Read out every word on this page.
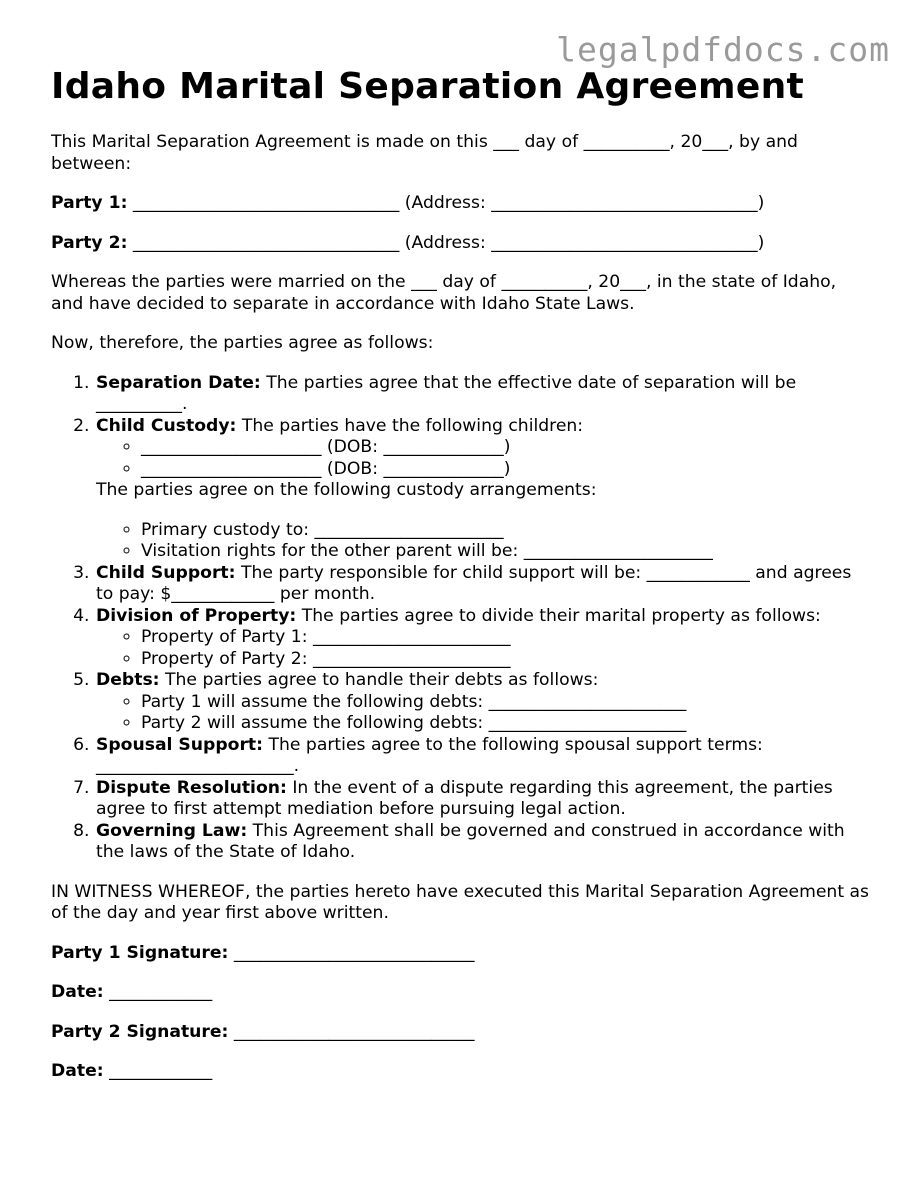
legalpdfdocs.com
Idaho Marital Separation Agreement

This Marital Separation Agreement is made on this ___ day of __________, 20___, by and between:

Party 1: _______________________________ (Address: _______________________________)

Party 2: _______________________________ (Address: _______________________________)

Whereas the parties were married on the ___ day of __________, 20___, in the state of Idaho, and have decided to separate in accordance with Idaho State Laws.

Now, therefore, the parties agree as follows:

1. Separation Date: The parties agree that the effective date of separation will be __________.
2. Child Custody: The parties have the following children:
◦ _____________________ (DOB: ______________)
◦ _____________________ (DOB: ______________)

The parties agree on the following custody arrangements:

◦ Primary custody to: ______________________
◦ Visitation rights for the other parent will be: ______________________
3. Child Support: The party responsible for child support will be: ____________ and agrees to pay: $____________ per month.
4. Division of Property: The parties agree to divide their marital property as follows:
◦ Property of Party 1: _______________________
◦ Property of Party 2: _______________________
5. Debts: The parties agree to handle their debts as follows:
◦ Party 1 will assume the following debts: _______________________
◦ Party 2 will assume the following debts: _______________________
6. Spousal Support: The parties agree to the following spousal support terms: _______________________.
7. Dispute Resolution: In the event of a dispute regarding this agreement, the parties agree to first attempt mediation before pursuing legal action.
8. Governing Law: This Agreement shall be governed and construed in accordance with the laws of the State of Idaho.

IN WITNESS WHEREOF, the parties hereto have executed this Marital Separation Agreement as of the day and year first above written.

Party 1 Signature: ____________________________

Date: ____________

Party 2 Signature: ____________________________

Date: ____________
